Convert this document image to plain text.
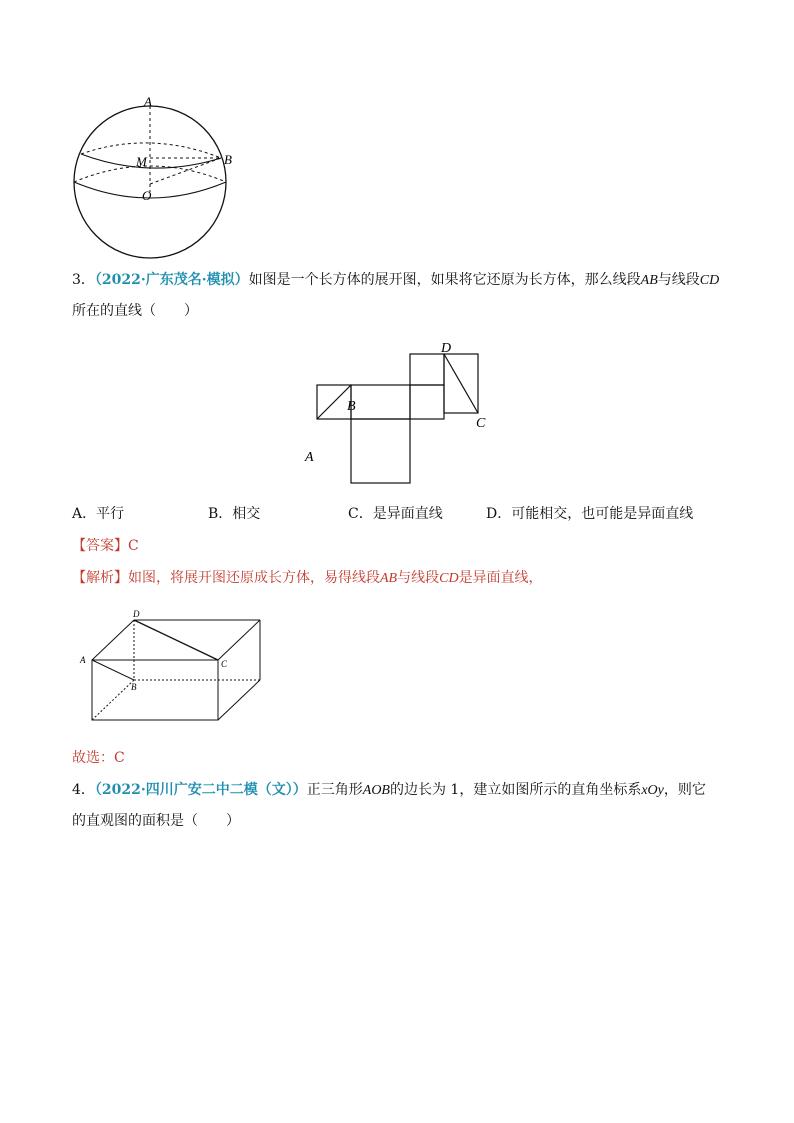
A
M	B
O
3．（2022·广东茂名·模拟）如图是一个长方体的展开图，如果将它还原为长方体，那么线段AB与线段CD
所在的直线（　　）
A
B
C
D
A．平行	B．相交	C．是异面直线	D．可能相交，也可能是异面直线
【答案】C
【解析】如图，将展开图还原成长方体，易得线段AB与线段CD是异面直线，
A
B
C
D
故选：C
4．（2022·四川广安二中二模（文））正三角形AOB的边长为 1，建立如图所示的直角坐标系xOy，则它
的直观图的面积是（　　）
